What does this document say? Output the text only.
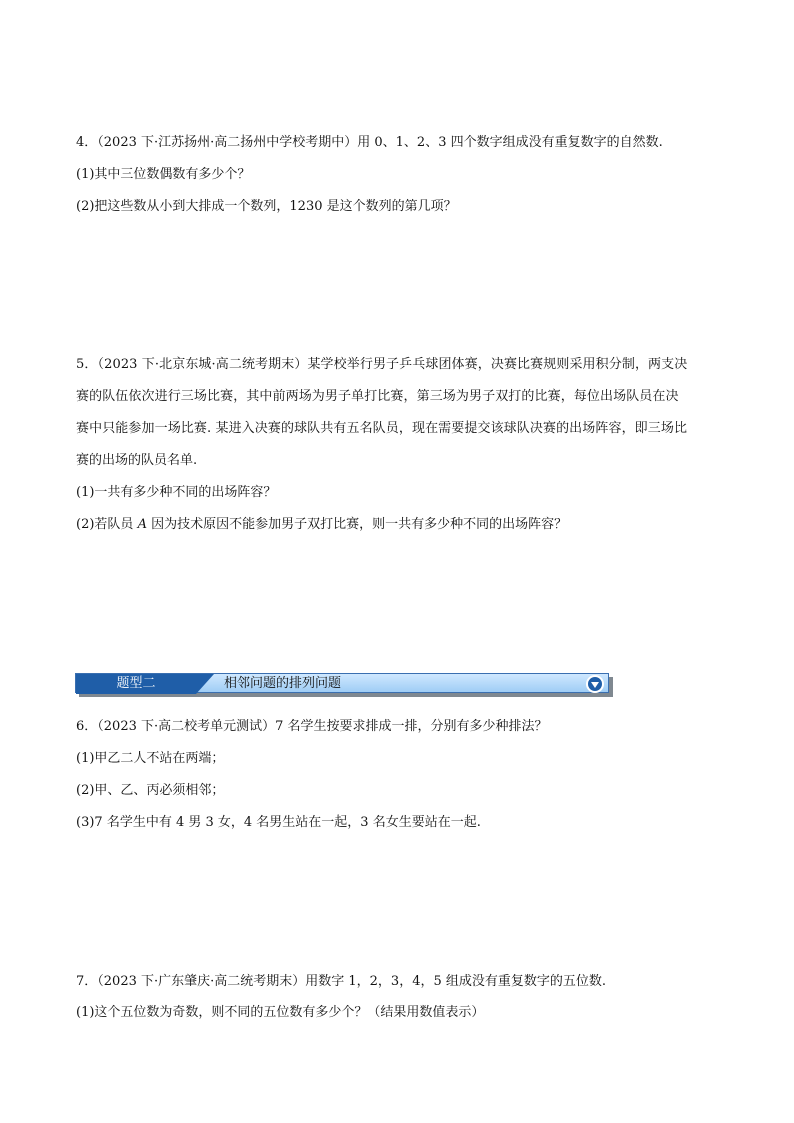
4．（2023 下·江苏扬州·高二扬州中学校考期中）用 0、1、2、3 四个数字组成没有重复数字的自然数.
(1)其中三位数偶数有多少个？
(2)把这些数从小到大排成一个数列，1230 是这个数列的第几项？
5．（2023 下·北京东城·高二统考期末）某学校举行男子乒乓球团体赛，决赛比赛规则采用积分制，两支决
赛的队伍依次进行三场比赛，其中前两场为男子单打比赛，第三场为男子双打的比赛，每位出场队员在决
赛中只能参加一场比赛. 某进入决赛的球队共有五名队员，现在需要提交该球队决赛的出场阵容，即三场比
赛的出场的队员名单.
(1)一共有多少种不同的出场阵容？
(2)若队员 A 因为技术原因不能参加男子双打比赛，则一共有多少种不同的出场阵容？
题型二	相邻问题的排列问题
6．（2023 下·高二校考单元测试）7 名学生按要求排成一排，分别有多少种排法？
(1)甲乙二人不站在两端；
(2)甲、乙、丙必须相邻；
(3)7 名学生中有 4 男 3 女，4 名男生站在一起，3 名女生要站在一起.
7．（2023 下·广东肇庆·高二统考期末）用数字 1，2，3，4，5 组成没有重复数字的五位数.
(1)这个五位数为奇数，则不同的五位数有多少个？（结果用数值表示）
